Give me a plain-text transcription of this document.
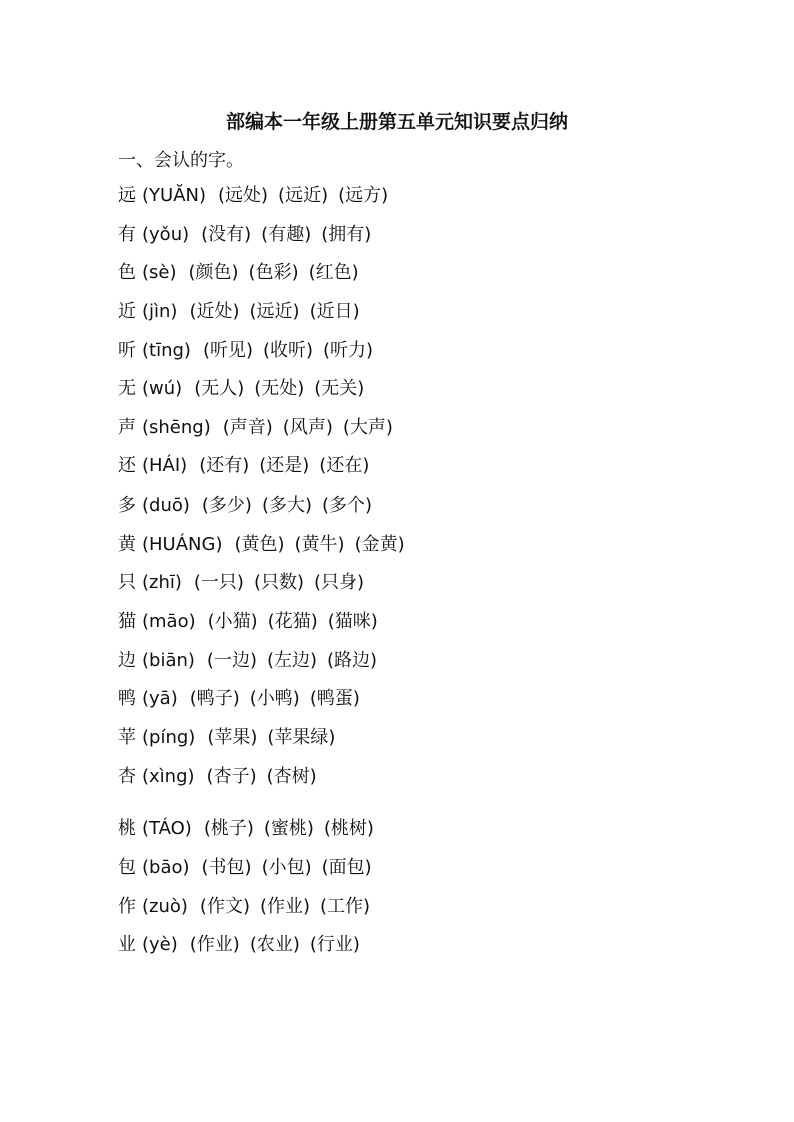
部编本一年级上册第五单元知识要点归纳
一、会认的字。
远 (YUĂN) (远处) (远近) (远方)
有 (yǒu) (没有) (有趣) (拥有)
色 (sè) (颜色) (色彩) (红色)
近 (jìn) (近处) (远近) (近日)
听 (tīng) (听见) (收听) (听力)
无 (wú) (无人) (无处) (无关)
声 (shēng) (声音) (风声) (大声)
还 (HÁI) (还有) (还是) (还在)
多 (duō) (多少) (多大) (多个)
黄 (HUÁNG) (黄色) (黄牛) (金黄)
只 (zhī) (一只) (只数) (只身)
猫 (māo) (小猫) (花猫) (猫咪)
边 (biān) (一边) (左边) (路边)
鸭 (yā) (鸭子) (小鸭) (鸭蛋)
苹 (píng) (苹果) (苹果绿)
杏 (xìng) (杏子) (杏树)
桃 (TÁO) (桃子) (蜜桃) (桃树)
包 (bāo) (书包) (小包) (面包)
作 (zuò) (作文) (作业) (工作)
业 (yè) (作业) (农业) (行业)
